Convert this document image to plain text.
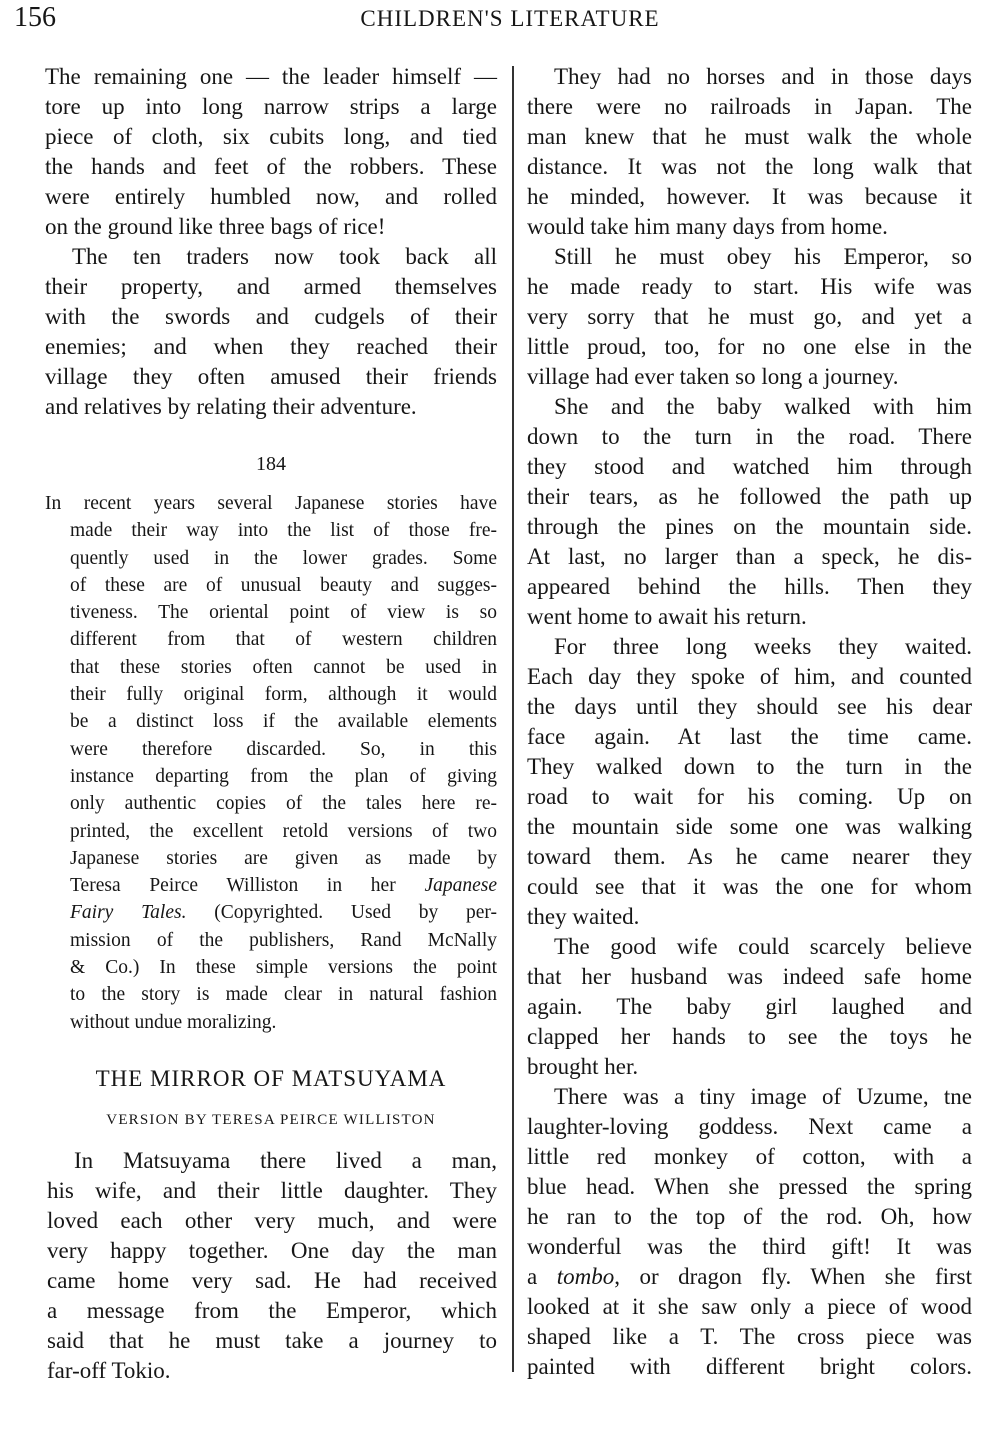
156	CHILDREN'S LITERATURE
The remaining one — the leader himself —
tore up into long narrow strips a large
piece of cloth, six cubits long, and tied
the hands and feet of the robbers. These
were entirely humbled now, and rolled
on the ground like three bags of rice!
The ten traders now took back all
their property, and armed themselves
with the swords and cudgels of their
enemies; and when they reached their
village they often amused their friends
and relatives by relating their adventure.
184
In recent years several Japanese stories have
made their way into the list of those fre-
quently used in the lower grades. Some
of these are of unusual beauty and sugges-
tiveness. The oriental point of view is so
different from that of western children
that these stories often cannot be used in
their fully original form, although it would
be a distinct loss if the available elements
were therefore discarded. So, in this
instance departing from the plan of giving
only authentic copies of the tales here re-
printed, the excellent retold versions of two
Japanese stories are given as made by
Teresa Peirce Williston in her Japanese
Fairy Tales. (Copyrighted. Used by per-
mission of the publishers, Rand McNally
& Co.) In these simple versions the point
to the story is made clear in natural fashion
without undue moralizing.
THE MIRROR OF MATSUYAMA
VERSION BY TERESA PEIRCE WILLISTON
In Matsuyama there lived a man,
his wife, and their little daughter. They
loved each other very much, and were
very happy together. One day the man
came home very sad. He had received
a message from the Emperor, which
said that he must take a journey to
far-off Tokio.
They had no horses and in those days
there were no railroads in Japan. The
man knew that he must walk the whole
distance. It was not the long walk that
he minded, however. It was because it
would take him many days from home.
Still he must obey his Emperor, so
he made ready to start. His wife was
very sorry that he must go, and yet a
little proud, too, for no one else in the
village had ever taken so long a journey.
She and the baby walked with him
down to the turn in the road. There
they stood and watched him through
their tears, as he followed the path up
through the pines on the mountain side.
At last, no larger than a speck, he dis-
appeared behind the hills. Then they
went home to await his return.
For three long weeks they waited.
Each day they spoke of him, and counted
the days until they should see his dear
face again. At last the time came.
They walked down to the turn in the
road to wait for his coming. Up on
the mountain side some one was walking
toward them. As he came nearer they
could see that it was the one for whom
they waited.
The good wife could scarcely believe
that her husband was indeed safe home
again. The baby girl laughed and
clapped her hands to see the toys he
brought her.
There was a tiny image of Uzume, tne
laughter-loving goddess. Next came a
little red monkey of cotton, with a
blue head. When she pressed the spring
he ran to the top of the rod. Oh, how
wonderful was the third gift! It was
a tombo, or dragon fly. When she first
looked at it she saw only a piece of wood
shaped like a T. The cross piece was
painted with different bright colors.
